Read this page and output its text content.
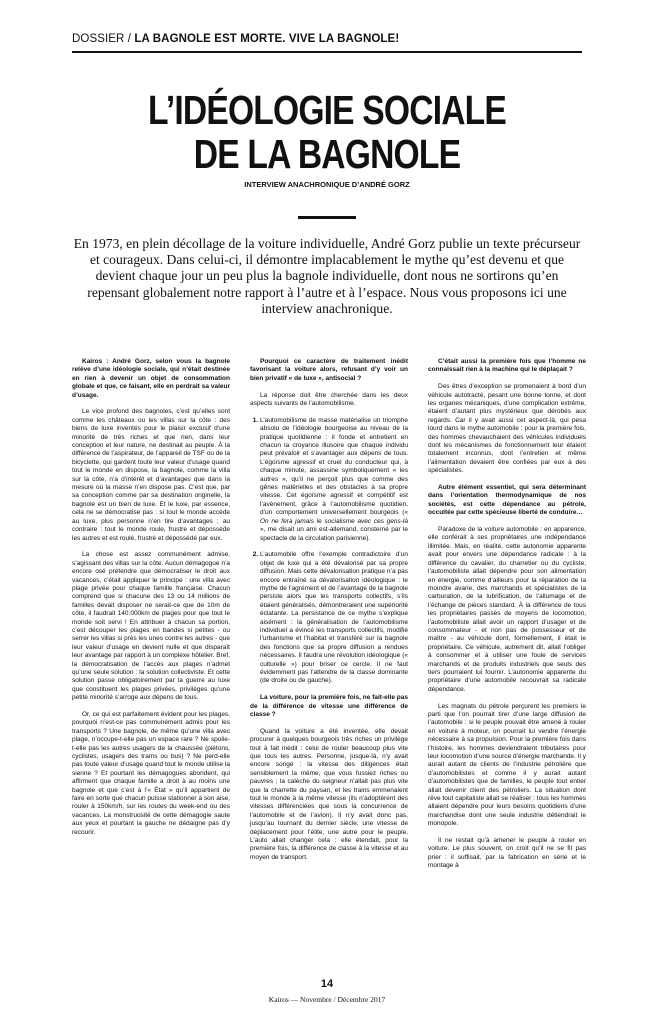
DOSSIER / LA BAGNOLE EST MORTE. VIVE LA BAGNOLE!
L’IDÉOLOGIE SOCIALE
DE LA BAGNOLE
INTERVIEW ANACHRONIQUE D’ANDRÉ GORZ
En 1973, en plein décollage de la voiture individuelle, André Gorz publie un texte précurseur et courageux. Dans celui-ci, il démontre implacablement le mythe qu’est devenu et que devient chaque jour un peu plus la bagnole individuelle, dont nous ne sortirons qu’en repensant globalement notre rapport à l’autre et à l’espace. Nous vous proposons ici une interview anachronique.

Kairos : André Gorz, selon vous la bagnole relève d’une idéologie sociale, qui n’était destinée en rien à devenir un objet de consommation globale et que, ce faisant, elle en perdrait sa valeur d’usage.

Le vice profond des bagnoles, c’est qu’elles sont comme les châteaux ou les villas sur la côte : des biens de luxe inventés pour le plaisir exclusif d’une minorité de très riches et que rien, dans leur conception et leur nature, ne destinait au peuple. À la différence de l’aspirateur, de l’appareil de TSF ou de la bicyclette, qui gardent toute leur valeur d’usage quand tout le monde en dispose, la bagnole, comme la villa sur la côte, n’a d’intérêt et d’avantages que dans la mesure où la masse n’en dispose pas. C’est que, par sa conception comme par sa destination originelle, la bagnole est un bien de luxe. Et le luxe, par essence, cela ne se démocratise pas : si tout le monde accède au luxe, plus personne n’en tire d’avantages ; au contraire : tout le monde roule, frustre et dépossède les autres et est roulé, frustré et dépossédé par eux.

La chose est assez communément admise, s’agissant des villas sur la côte. Aucun démagogue n’a encore osé prétendre que démocratiser le droit aux vacances, c’était appliquer le principe : une villa avec plage privée pour chaque famille française. Chacun comprend que si chacune des 13 ou 14 millions de familles devait disposer ne serait-ce que de 10m de côte, il faudrait 140.000km de plages pour que tout le monde soit servi ! En attribuer à chacun sa portion, c’est découper les plages en bandes si petites - ou serrer les villas si près les unes contre les autres - que leur valeur d’usage en devient nulle et que disparaît leur avantage par rapport à un complexe hôtelier. Bref, la démocratisation de l’accès aux plages n’admet qu’une seule solution : la solution collectiviste. Et cette solution passe obligatoirement par la guerre au luxe que constituent les plages privées, privilèges qu’une petite minorité s’arroge aux dépens de tous.

Or, ce qui est parfaitement évident pour les plages, pourquoi n’est-ce pas communément admis pour les transports ? Une bagnole, de même qu’une villa avec plage, n’occupe-t-elle pas un espace rare ? Ne spolie-t-elle pas les autres usagers de la chaussée (piétons, cyclistes, usagers des trams ou bus) ? Ne perd-elle pas toute valeur d’usage quand tout le monde utilise la sienne ? Et pourtant les démagogues abondent, qui affirment que chaque famille a droit à au moins une bagnole et que c’est à l’« État » qu’il appartient de faire en sorte que chacun puisse stationner à son aise, rouler à 150km/h, sur les routes du week-end ou des vacances. La monstruosité de cette démagogie saute aux yeux et pourtant la gauche ne dédaigne pas d’y recourir.

Pourquoi ce caractère de traitement inédit favorisant la voiture alors, refusant d’y voir un bien privatif « de luxe », antisocial ?

La réponse doit être cherchée dans les deux aspects suivants de l’automobilisme.

1. L’automobilisme de masse matérialise un triomphe absolu de l’idéologie bourgeoise au niveau de la pratique quotidienne : il fonde et entretient en chacun la croyance illusoire que chaque individu peut prévaloir et s’avantager aux dépens de tous. L’égoïsme agressif et cruel du conducteur qui, à chaque minute, assassine symboliquement « les autres », qu’il ne perçoit plus que comme des gênes matérielles et des obstacles à sa propre vitesse. Cet égoïsme agressif et compétitif est l’avènement, grâce à l’automobilisme quotidien, d’un comportement universellement bourgeois (« On ne fera jamais le socialisme avec ces gens-là », me disait un ami est-allemand, consterné par le spectacle de la circulation parisienne).
2. L’automobile offre l’exemple contradictoire d’un objet de luxe qui a été dévalorisé par sa propre diffusion. Mais cette dévalorisation pratique n’a pas encore entraîné sa dévalorisation idéologique : le mythe de l’agrément et de l’avantage de la bagnole persiste alors que les transports collectifs, s’ils étaient généralisés, démontreraient une supériorité éclatante. La persistance de ce mythe s’explique aisément : la généralisation de l’automobilisme individuel a évincé les transports collectifs, modifié l’urbanisme et l’habitat et transféré sur la bagnole des fonctions que sa propre diffusion a rendues nécessaires. Il faudra une révolution idéologique (« culturelle ») pour briser ce cercle. Il ne faut évidemment pas l’attendre de la classe dominante (de droite ou de gauche).

La voiture, pour la première fois, ne fait-elle pas de la différence de vitesse une différence de classe ?

Quand la voiture a été inventée, elle devait procurer à quelques bourgeois très riches un privilège tout à fait inédit : celui de rouler beaucoup plus vite que tous les autres. Personne, jusque-là, n’y avait encore songé : la vitesse des diligences était sensiblement la même, que vous fussiez riches ou pauvres ; la calèche du seigneur n’allait pas plus vite que la charrette du paysan, et les trains emmenaient tout le monde à la même vitesse (ils n’adoptèrent des vitesses différenciées que sous la concurrence de l’automobile et de l’avion). Il n’y avait donc pas, jusqu’au tournant du dernier siècle, une vitesse de déplacement pour l’élite, une autre pour le peuple. L’auto allait changer cela : elle étendait, pour la première fois, la différence de classe à la vitesse et au moyen de transport.

C’était aussi la première fois que l’homme ne connaissait rien à la machine qui le déplaçait ?

Des êtres d’exception se promenaient à bord d’un véhicule autotracté, pesant une bonne tonne, et dont les organes mécaniques, d’une complication extrême, étaient d’autant plus mystérieux que dérobés aux regards. Car il y avait aussi cet aspect-là, qui pesa lourd dans le mythe automobile : pour la première fois, des hommes chevauchaient des véhicules individuels dont les mécanismes de fonctionnement leur étaient totalement inconnus, dont l’entretien et même l’alimentation devaient être confiées par eux à des spécialistes.

Autre élément essentiel, qui sera déterminant dans l’orientation thermodynamique de nos sociétés, est cette dépendance au pétrole, occultée par cette spécieuse liberté de conduire…

Paradoxe de la voiture automobile : en apparence, elle conférait à ses propriétaires une indépendance illimitée. Mais, en réalité, cette autonomie apparente avait pour envers une dépendance radicale : à la différence du cavalier, du charretier ou du cycliste, l’automobiliste allait dépendre pour son alimentation en énergie, comme d’ailleurs pour la réparation de la moindre avarie, des marchands et spécialistes de la carburation, de la lubrification, de l’allumage et de l’échange de pièces standard. À la différence de tous les propriétaires passés de moyens de locomotion, l’automobiliste allait avoir un rapport d’usager et de consommateur - et non pas de possesseur et de maître - au véhicule dont, formellement, il était le propriétaire. Ce véhicule, autrement dit, allait l’obliger à consommer et à utiliser une foule de services marchands et de produits industriels que seuls des tiers pourraient lui fournir. L’autonomie apparente du propriétaire d’une automobile recouvrait sa radicale dépendance.

Les magnats du pétrole perçurent les premiers le parti que l’on pourrait tirer d’une large diffusion de l’automobile : si le peuple pouvait être amené à rouler en voiture à moteur, on pourrait lui vendre l’énergie nécessaire à sa propulsion. Pour la première fois dans l’histoire, les hommes deviendraient tributaires pour leur locomotion d’une source d’énergie marchande. Il y aurait autant de clients de l’industrie pétrolière que d’automobilistes et comme il y aurait autant d’automobilistes que de familles, le peuple tout entier allait devenir client des pétroliers. La situation dont rêve tout capitaliste allait se réaliser : tous les hommes allaient dépendre pour leurs besoins quotidiens d’une marchandise dont une seule industrie détiendrait le monopole.

Il ne restait qu’à amener le peuple à rouler en voiture. Le plus souvent, on croit qu’il ne se fit pas prier : il suffisait, par la fabrication en série et le montage à

14
Kairos — Novembre / Décembre 2017
